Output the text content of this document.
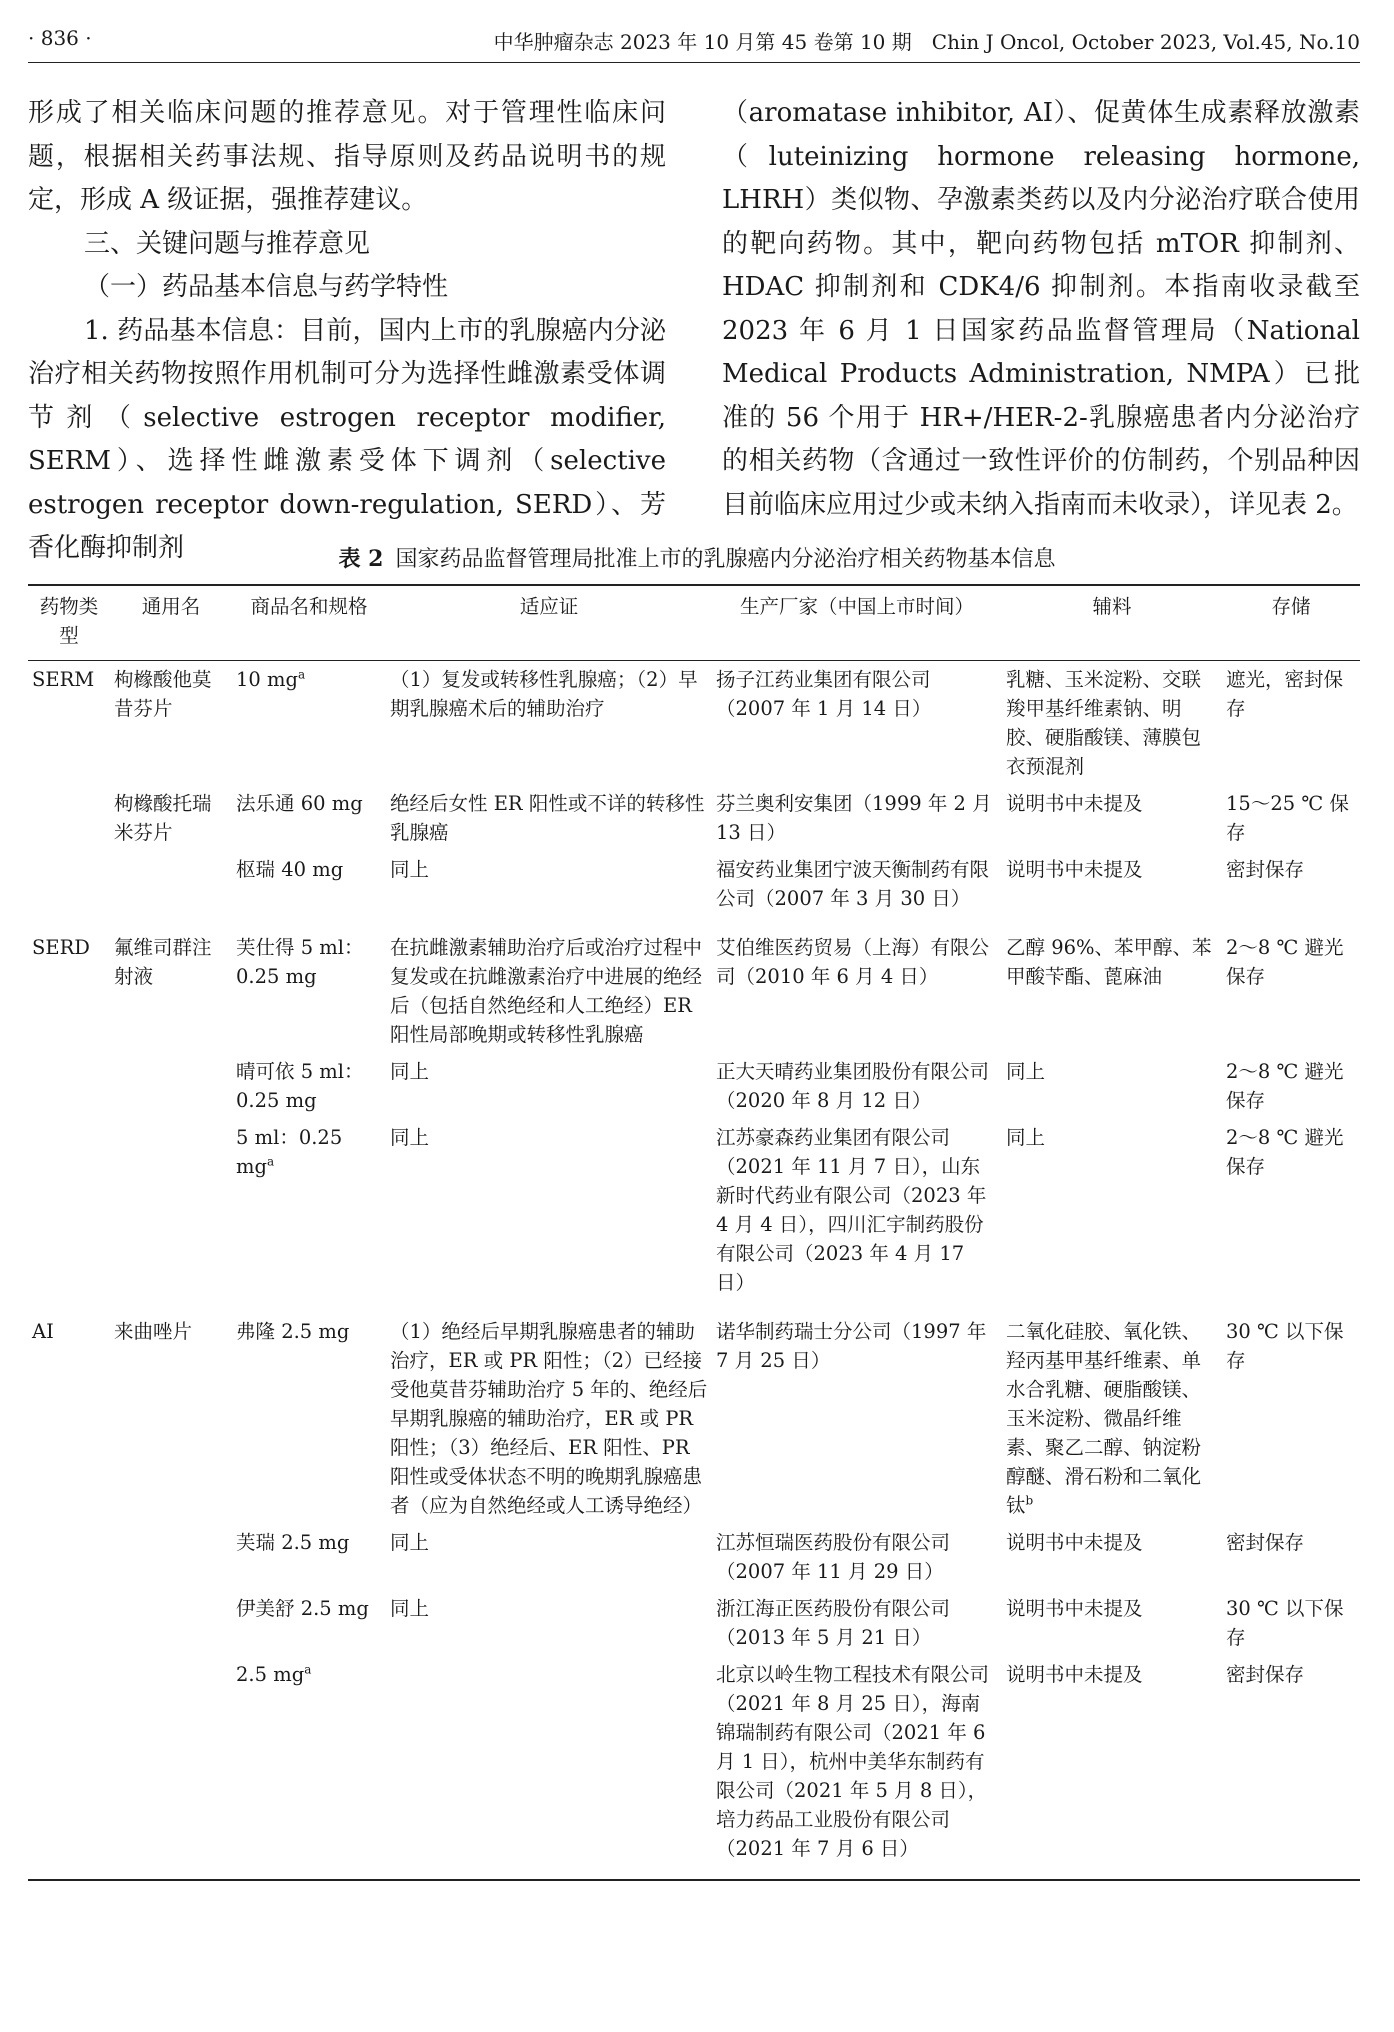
· 836 ·	中华肿瘤杂志 2023 年 10 月第 45 卷第 10 期　Chin J Oncol, October 2023, Vol.45, No.10

形成了相关临床问题的推荐意见。对于管理性临床问题，根据相关药事法规、指导原则及药品说明书的规定，形成 A 级证据，强推荐建议。

三、关键问题与推荐意见

（一）药品基本信息与药学特性

1. 药品基本信息：目前，国内上市的乳腺癌内分泌治疗相关药物按照作用机制可分为选择性雌激素受体调节剂（selective estrogen receptor modifier, SERM）、选择性雌激素受体下调剂（selective estrogen receptor down-regulation, SERD）、芳香化酶抑制剂

（aromatase inhibitor, AI）、促黄体生成素释放激素（luteinizing hormone releasing hormone, LHRH）类似物、孕激素类药以及内分泌治疗联合使用的靶向药物。其中，靶向药物包括 mTOR 抑制剂、HDAC 抑制剂和 CDK4/6 抑制剂。本指南收录截至 2023 年 6 月 1 日国家药品监督管理局（National Medical Products Administration, NMPA）已批准的 56 个用于 HR+/HER-2-乳腺癌患者内分泌治疗的相关药物（含通过一致性评价的仿制药，个别品种因目前临床应用过少或未纳入指南而未收录），详见表 2。

表 2 国家药品监督管理局批准上市的乳腺癌内分泌治疗相关药物基本信息
药物类型	通用名	商品名和规格	适应证	生产厂家（中国上市时间）	辅料	存储
SERM	枸橼酸他莫昔芬片	10 $mg^a$	（1）复发或转移性乳腺癌；（2）早期乳腺癌术后的辅助治疗	扬子江药业集团有限公司（2007 年 1 月 14 日）	乳糖、玉米淀粉、交联羧甲基纤维素钠、明胶、硬脂酸镁、薄膜包衣预混剂	遮光，密封保存
	枸橼酸托瑞米芬片	法乐通 60 mg	绝经后女性 ER 阳性或不详的转移性乳腺癌	芬兰奥利安集团（1999 年 2 月 13 日）	说明书中未提及	15～25 ℃ 保存
		枢瑞 40 mg	同上	福安药业集团宁波天衡制药有限公司（2007 年 3 月 30 日）	说明书中未提及	密封保存
SERD	氟维司群注射液	芙仕得 5 ml：0.25 mg	在抗雌激素辅助治疗后或治疗过程中复发或在抗雌激素治疗中进展的绝经后（包括自然绝经和人工绝经）ER 阳性局部晚期或转移性乳腺癌	艾伯维医药贸易（上海）有限公司（2010 年 6 月 4 日）	乙醇 96%、苯甲醇、苯甲酸苄酯、蓖麻油	2～8 ℃ 避光保存
		晴可依 5 ml：0.25 mg	同上	正大天晴药业集团股份有限公司（2020 年 8 月 12 日）	同上	2～8 ℃ 避光保存
		5 ml：0.25 $mg^a$	同上	江苏豪森药业集团有限公司（2021 年 11 月 7 日），山东新时代药业有限公司（2023 年 4 月 4 日），四川汇宇制药股份有限公司（2023 年 4 月 17 日）	同上	2～8 ℃ 避光保存
AI	来曲唑片	弗隆 2.5 mg	（1）绝经后早期乳腺癌患者的辅助治疗，ER 或 PR 阳性；（2）已经接受他莫昔芬辅助治疗 5 年的、绝经后早期乳腺癌的辅助治疗，ER 或 PR 阳性；（3）绝经后、ER 阳性、PR 阳性或受体状态不明的晚期乳腺癌患者（应为自然绝经或人工诱导绝经）	诺华制药瑞士分公司（1997 年 7 月 25 日）	二氧化硅胶、氧化铁、羟丙基甲基纤维素、单水合乳糖、硬脂酸镁、玉米淀粉、微晶纤维素、聚乙二醇、钠淀粉醇醚、滑石粉和二氧化钛$^b$	30 ℃ 以下保存
		芙瑞 2.5 mg	同上	江苏恒瑞医药股份有限公司（2007 年 11 月 29 日）	说明书中未提及	密封保存
		伊美舒 2.5 mg	同上	浙江海正医药股份有限公司（2013 年 5 月 21 日）	说明书中未提及	30 ℃ 以下保存
		2.5 $mg^a$		北京以岭生物工程技术有限公司（2021 年 8 月 25 日），海南锦瑞制药有限公司（2021 年 6 月 1 日），杭州中美华东制药有限公司（2021 年 5 月 8 日），培力药品工业股份有限公司（2021 年 7 月 6 日）	说明书中未提及	密封保存
